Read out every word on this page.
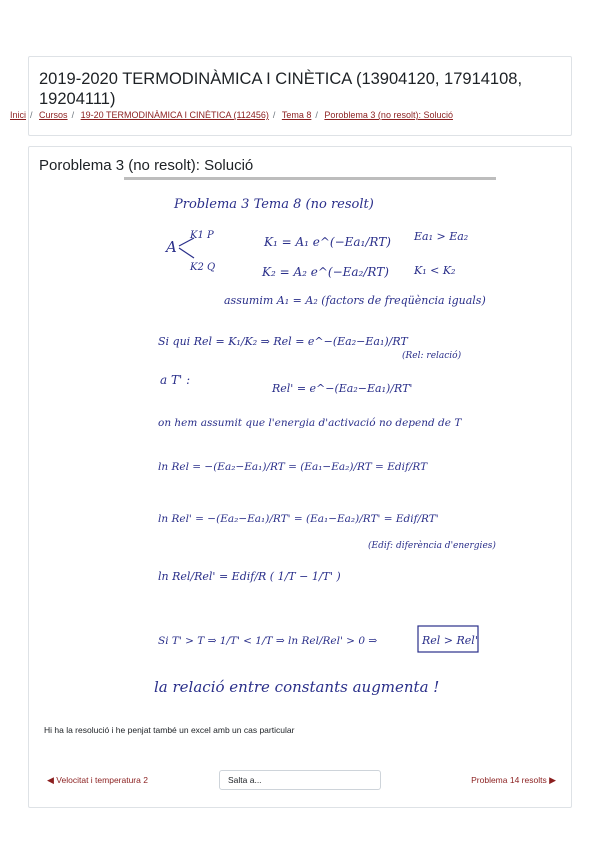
2019-2020 TERMODINÀMICA I CINÈTICA (13904120, 17914108, 19204111)
Inici / Cursos / 19-20 TERMODINÀMICA I CINÈTICA (112456) / Tema 8 / Poroblema 3 (no resolt): Solució
Poroblema 3 (no resolt): Solució
Problema 3 Tema 8 (no resolt)
A
K1 P
K2 Q
K₁ = A₁ e^(−Ea₁/RT) Ea₁ > Ea₂
K₂ = A₂ e^(−Ea₂/RT) K₁ < K₂
assumim A₁ = A₂ (factors de freqüència iguals)
Si qui Rel = K₁/K₂ ⇒ Rel = e^−(Ea₂−Ea₁)/RT
(Rel: relació)
a T' :
Rel' = e^−(Ea₂−Ea₁)/RT'
on hem assumit que l'energia d'activació no depend de T
ln Rel = −(Ea₂−Ea₁)/RT = (Ea₁−Ea₂)/RT = Edif/RT
ln Rel' = −(Ea₂−Ea₁)/RT' = (Ea₁−Ea₂)/RT' = Edif/RT'
(Edif: diferència d'energies)
ln Rel/Rel' = Edif/R ( 1/T − 1/T' )
Si T' > T ⇒ 1/T' < 1/T ⇒ ln Rel/Rel' > 0 ⇒	Rel > Rel'
la relació entre constants augmenta !

Hi ha la resolució i he penjat també un excel amb un cas particular

◀ Velocitat i temperatura 2	Salta a...	Problema 14 resolts ▶
